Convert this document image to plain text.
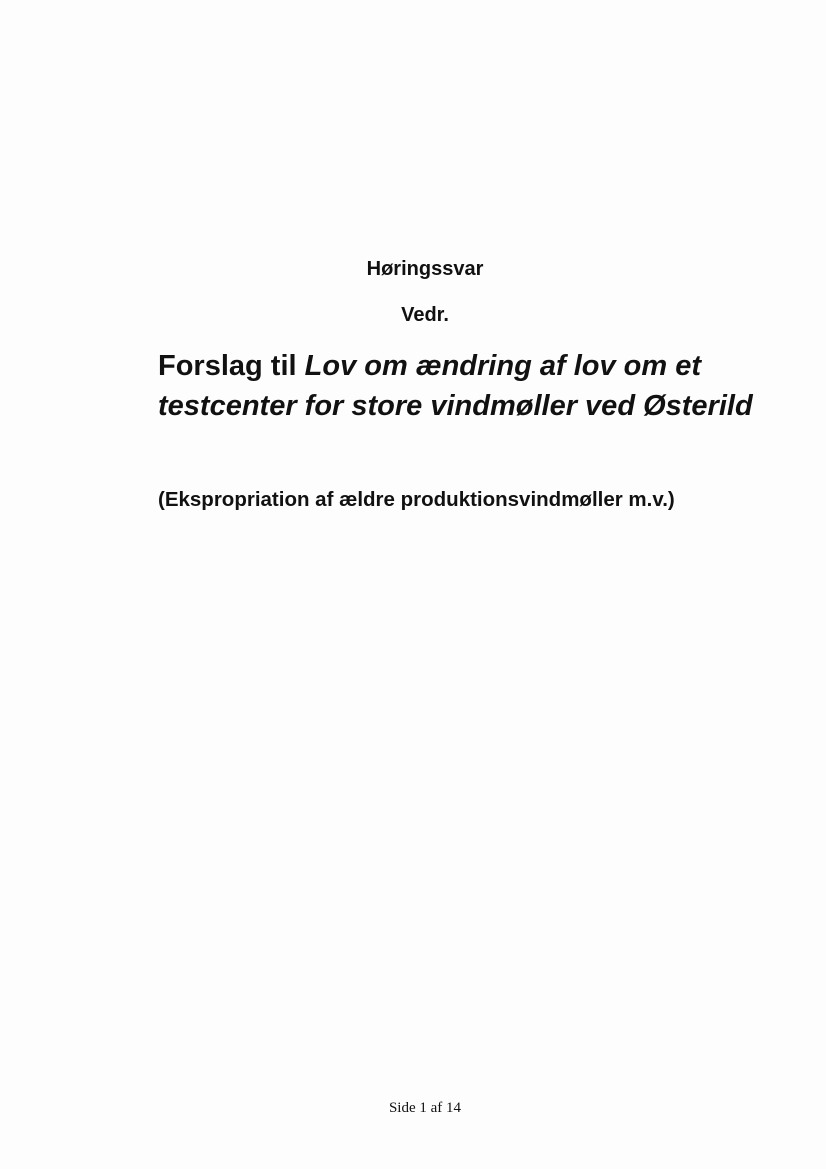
Høringssvar
Vedr.
Forslag til Lov om ændring af lov om et testcenter for store vindmøller ved Østerild

(Ekspropriation af ældre produktionsvindmøller m.v.)

Side 1 af 14
